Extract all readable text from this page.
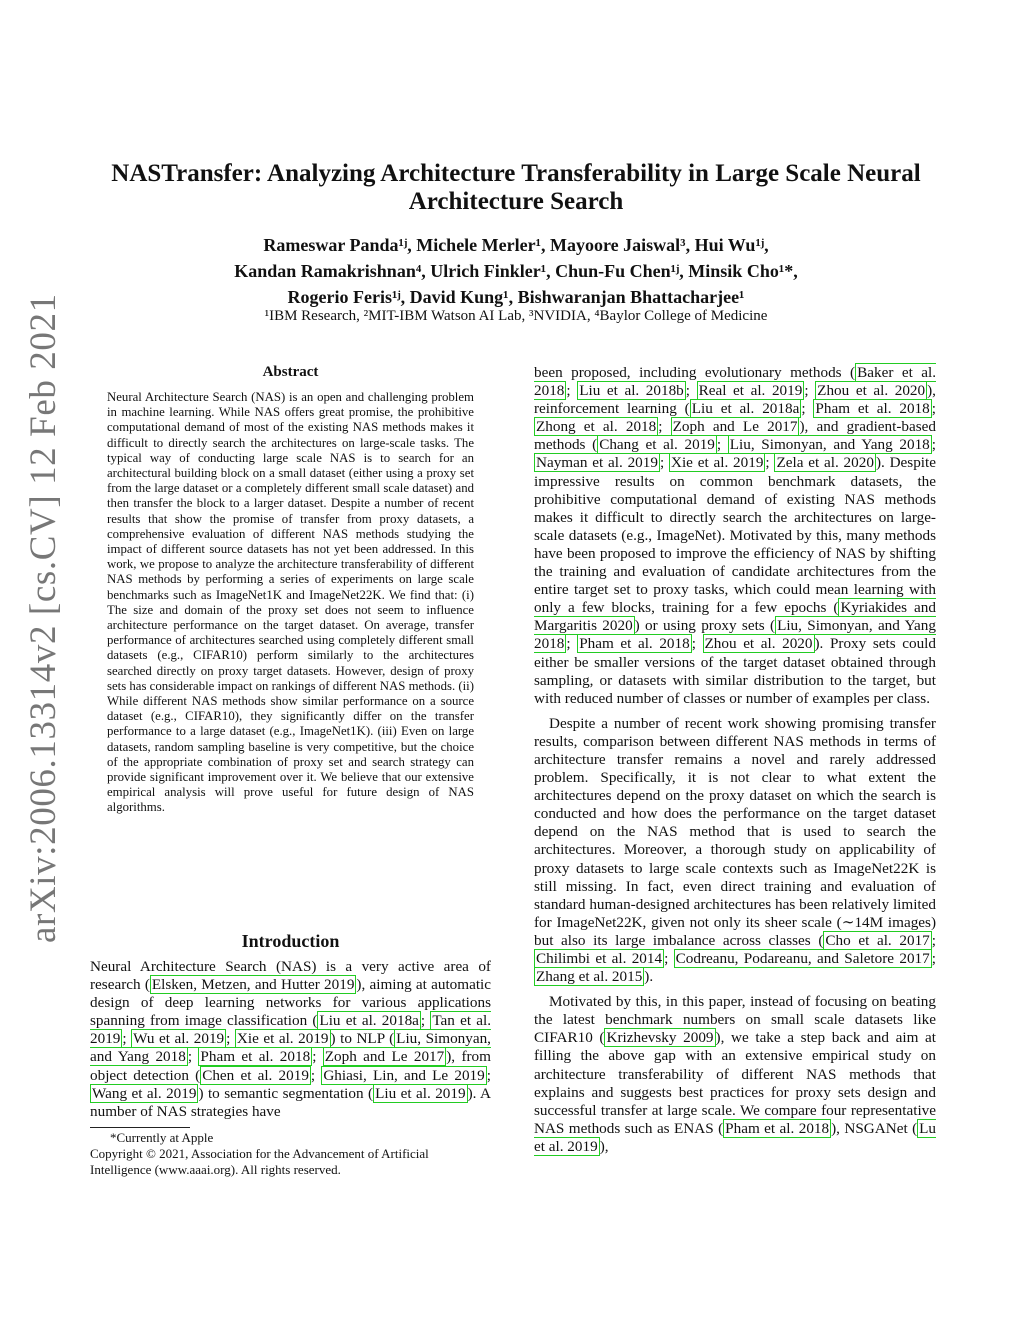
NASTransfer: Analyzing Architecture Transferability in Large Scale Neural Architecture Search
Rameswar Panda¹ʲ, Michele Merler¹, Mayoore Jaiswal³, Hui Wu¹ʲ,
Kandan Ramakrishnan⁴, Ulrich Finkler¹, Chun-Fu Chen¹ʲ, Minsik Cho¹*,
Rogerio Feris¹ʲ, David Kung¹, Bishwaranjan Bhattacharjee¹
¹IBM Research, ²MIT-IBM Watson AI Lab, ³NVIDIA, ⁴Baylor College of Medicine
arXiv:2006.13314v2 [cs.CV] 12 Feb 2021	Abstract
Neural Architecture Search (NAS) is an open and challenging problem in machine learning. While NAS offers great promise, the prohibitive computational demand of most of the existing NAS methods makes it difficult to directly search the architectures on large-scale tasks. The typical way of conducting large scale NAS is to search for an architectural building block on a small dataset (either using a proxy set from the large dataset or a completely different small scale dataset) and then transfer the block to a larger dataset. Despite a number of recent results that show the promise of transfer from proxy datasets, a comprehensive evaluation of different NAS methods studying the impact of different source datasets has not yet been addressed. In this work, we propose to analyze the architecture transferability of different NAS methods by performing a series of experiments on large scale benchmarks such as ImageNet1K and ImageNet22K. We find that: (i) The size and domain of the proxy set does not seem to influence architecture performance on the target dataset. On average, transfer performance of architectures searched using completely different small datasets (e.g., CIFAR10) perform similarly to the architectures searched directly on proxy target datasets. However, design of proxy sets has considerable impact on rankings of different NAS methods. (ii) While different NAS methods show similar performance on a source dataset (e.g., CIFAR10), they significantly differ on the transfer performance to a large dataset (e.g., ImageNet1K). (iii) Even on large datasets, random sampling baseline is very competitive, but the choice of the appropriate combination of proxy set and search strategy can provide significant improvement over it. We believe that our extensive empirical analysis will prove useful for future design of NAS algorithms.
Introduction

Neural Architecture Search (NAS) is a very active area of research ( Elsken, Metzen, and Hutter 2019 ), aiming at automatic design of deep learning networks for various applications spanning from image classification ( Liu et al. 2018a ; Tan et al. 2019 ; Wu et al. 2019 ; Xie et al. 2019 ) to NLP ( Liu, Simonyan, and Yang 2018 ; Pham et al. 2018 ; Zoph and Le 2017 ), from object detection ( Chen et al. 2019 ; Ghiasi, Lin, and Le 2019 ; Wang et al. 2019 ) to semantic segmentation ( Liu et al. 2019 ). A number of NAS strategies have

*Currently at Apple
Copyright © 2021, Association for the Advancement of Artificial Intelligence (www.aaai.org). All rights reserved.

been proposed, including evolutionary methods ( Baker et al. 2018 ; Liu et al. 2018b ; Real et al. 2019 ; Zhou et al. 2020 ), reinforcement learning ( Liu et al. 2018a ; Pham et al. 2018 ; Zhong et al. 2018 ; Zoph and Le 2017 ), and gradient-based methods ( Chang et al. 2019 ; Liu, Simonyan, and Yang 2018 ; Nayman et al. 2019 ; Xie et al. 2019 ; Zela et al. 2020 ). Despite impressive results on common benchmark datasets, the prohibitive computational demand of existing NAS methods makes it difficult to directly search the architectures on large-scale datasets (e.g., ImageNet). Motivated by this, many methods have been proposed to improve the efficiency of NAS by shifting the training and evaluation of candidate architectures from the entire target set to proxy tasks, which could mean learning with only a few blocks, training for a few epochs ( Kyriakides and Margaritis 2020 ) or using proxy sets ( Liu, Simonyan, and Yang 2018 ; Pham et al. 2018 ; Zhou et al. 2020 ). Proxy sets could either be smaller versions of the target dataset obtained through sampling, or datasets with similar distribution to the target, but with reduced number of classes or number of examples per class.

Despite a number of recent work showing promising transfer results, comparison between different NAS methods in terms of architecture transfer remains a novel and rarely addressed problem. Specifically, it is not clear to what extent the architectures depend on the proxy dataset on which the search is conducted and how does the performance on the target dataset depend on the NAS method that is used to search the architectures. Moreover, a thorough study on applicability of proxy datasets to large scale contexts such as ImageNet22K is still missing. In fact, even direct training and evaluation of standard human-designed architectures has been relatively limited for ImageNet22K, given not only its sheer scale (∼14M images) but also its large imbalance across classes ( Cho et al. 2017 ; Chilimbi et al. 2014 ; Codreanu, Podareanu, and Saletore 2017 ; Zhang et al. 2015 ).

Motivated by this, in this paper, instead of focusing on beating the latest benchmark numbers on small scale datasets like CIFAR10 ( Krizhevsky 2009 ), we take a step back and aim at filling the above gap with an extensive empirical study on architecture transferability of different NAS methods that explains and suggests best practices for proxy sets design and successful transfer at large scale. We compare four representative NAS methods such as ENAS ( Pham et al. 2018 ), NSGANet ( Lu et al. 2019 ),
